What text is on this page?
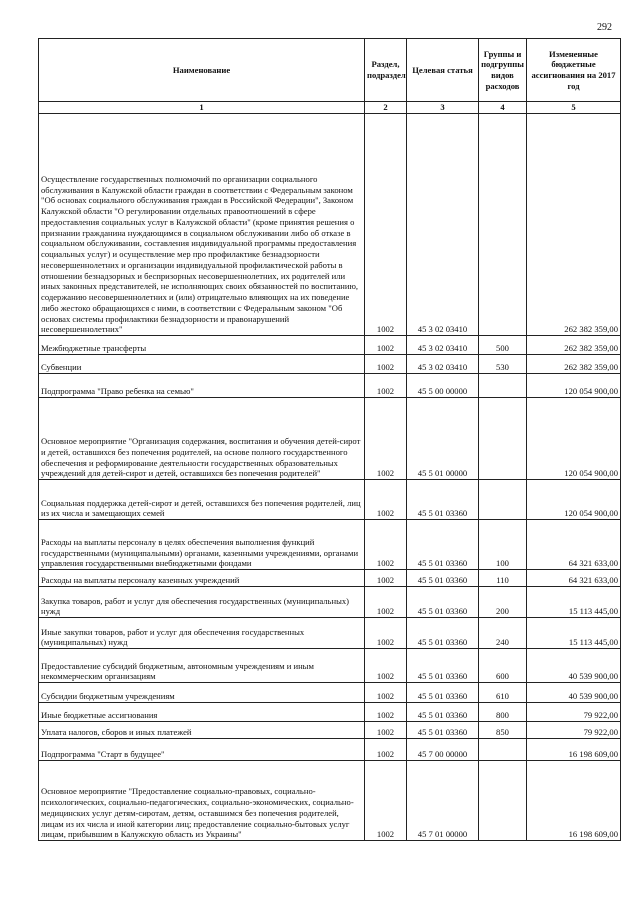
292
Наименование	Раздел, подраздел	Целевая статья	Группы и подгруппы видов расходов	Измененные бюджетные ассигнования на 2017 год
1	2	3	4	5
Осуществление государственных полномочий по организации социального обслуживания в Калужской области граждан в соответствии с Федеральным законом "Об основах социального обслуживания граждан в Российской Федерации", Законом Калужской области "О регулировании отдельных правоотношений в сфере предоставления социальных услуг в Калужской области" (кроме принятия решения о признании гражданина нуждающимся в социальном обслуживании либо об отказе в социальном обслуживании, составления индивидуальной программы предоставления социальных услуг) и осуществление мер про профилактике безнадзорности несовершеннолетних и организации индивидуальной профилактической работы в отношении безнадзорных и беспризорных несовершеннолетних, их родителей или иных законных представителей, не исполняющих своих обязанностей по воспитанию, содержанию несовершеннолетних и (или) отрицательно влияющих на их поведение либо жестоко обращающихся с ними, в соответствии с Федеральным законом "Об основах системы профилактики безнадзорности и правонарушений несовершеннолетних"	1002	45 3 02 03410		262 382 359,00
Межбюджетные трансферты	1002	45 3 02 03410	500	262 382 359,00
Субвенции	1002	45 3 02 03410	530	262 382 359,00
Подпрограмма "Право ребенка на семью"	1002	45 5 00 00000		120 054 900,00
Основное мероприятие "Организация содержания, воспитания и обучения детей-сирот и детей, оставшихся без попечения родителей, на основе полного государственного обеспечения и реформирование деятельности государственных образовательных учреждений для детей-сирот и детей, оставшихся без попечения родителей"	1002	45 5 01 00000		120 054 900,00
Социальная поддержка детей-сирот и детей, оставшихся без попечения родителей, лиц из их числа и замещающих семей	1002	45 5 01 03360		120 054 900,00
Расходы на выплаты персоналу в целях обеспечения выполнения функций государственными (муниципальными) органами, казенными учреждениями, органами управления государственными внебюджетными фондами	1002	45 5 01 03360	100	64 321 633,00
Расходы на выплаты персоналу казенных учреждений	1002	45 5 01 03360	110	64 321 633,00
Закупка товаров, работ и услуг для обеспечения государственных (муниципальных) нужд	1002	45 5 01 03360	200	15 113 445,00
Иные закупки товаров, работ и услуг для обеспечения государственных (муниципальных) нужд	1002	45 5 01 03360	240	15 113 445,00
Предоставление субсидий бюджетным, автономным учреждениям и иным некоммерческим организациям	1002	45 5 01 03360	600	40 539 900,00
Субсидии бюджетным учреждениям	1002	45 5 01 03360	610	40 539 900,00
Иные бюджетные ассигнования	1002	45 5 01 03360	800	79 922,00
Уплата налогов, сборов и иных платежей	1002	45 5 01 03360	850	79 922,00
Подпрограмма "Старт в будущее"	1002	45 7 00 00000		16 198 609,00
Основное мероприятие "Предоставление социально-правовых, социально-психологических, социально-педагогических, социально-экономических, социально-медицинских услуг детям-сиротам, детям, оставшимся без попечения родителей, лицам из их числа и иной категории лиц; предоставление социально-бытовых услуг лицам, прибывшим в Калужскую область из Украины"	1002	45 7 01 00000		16 198 609,00
